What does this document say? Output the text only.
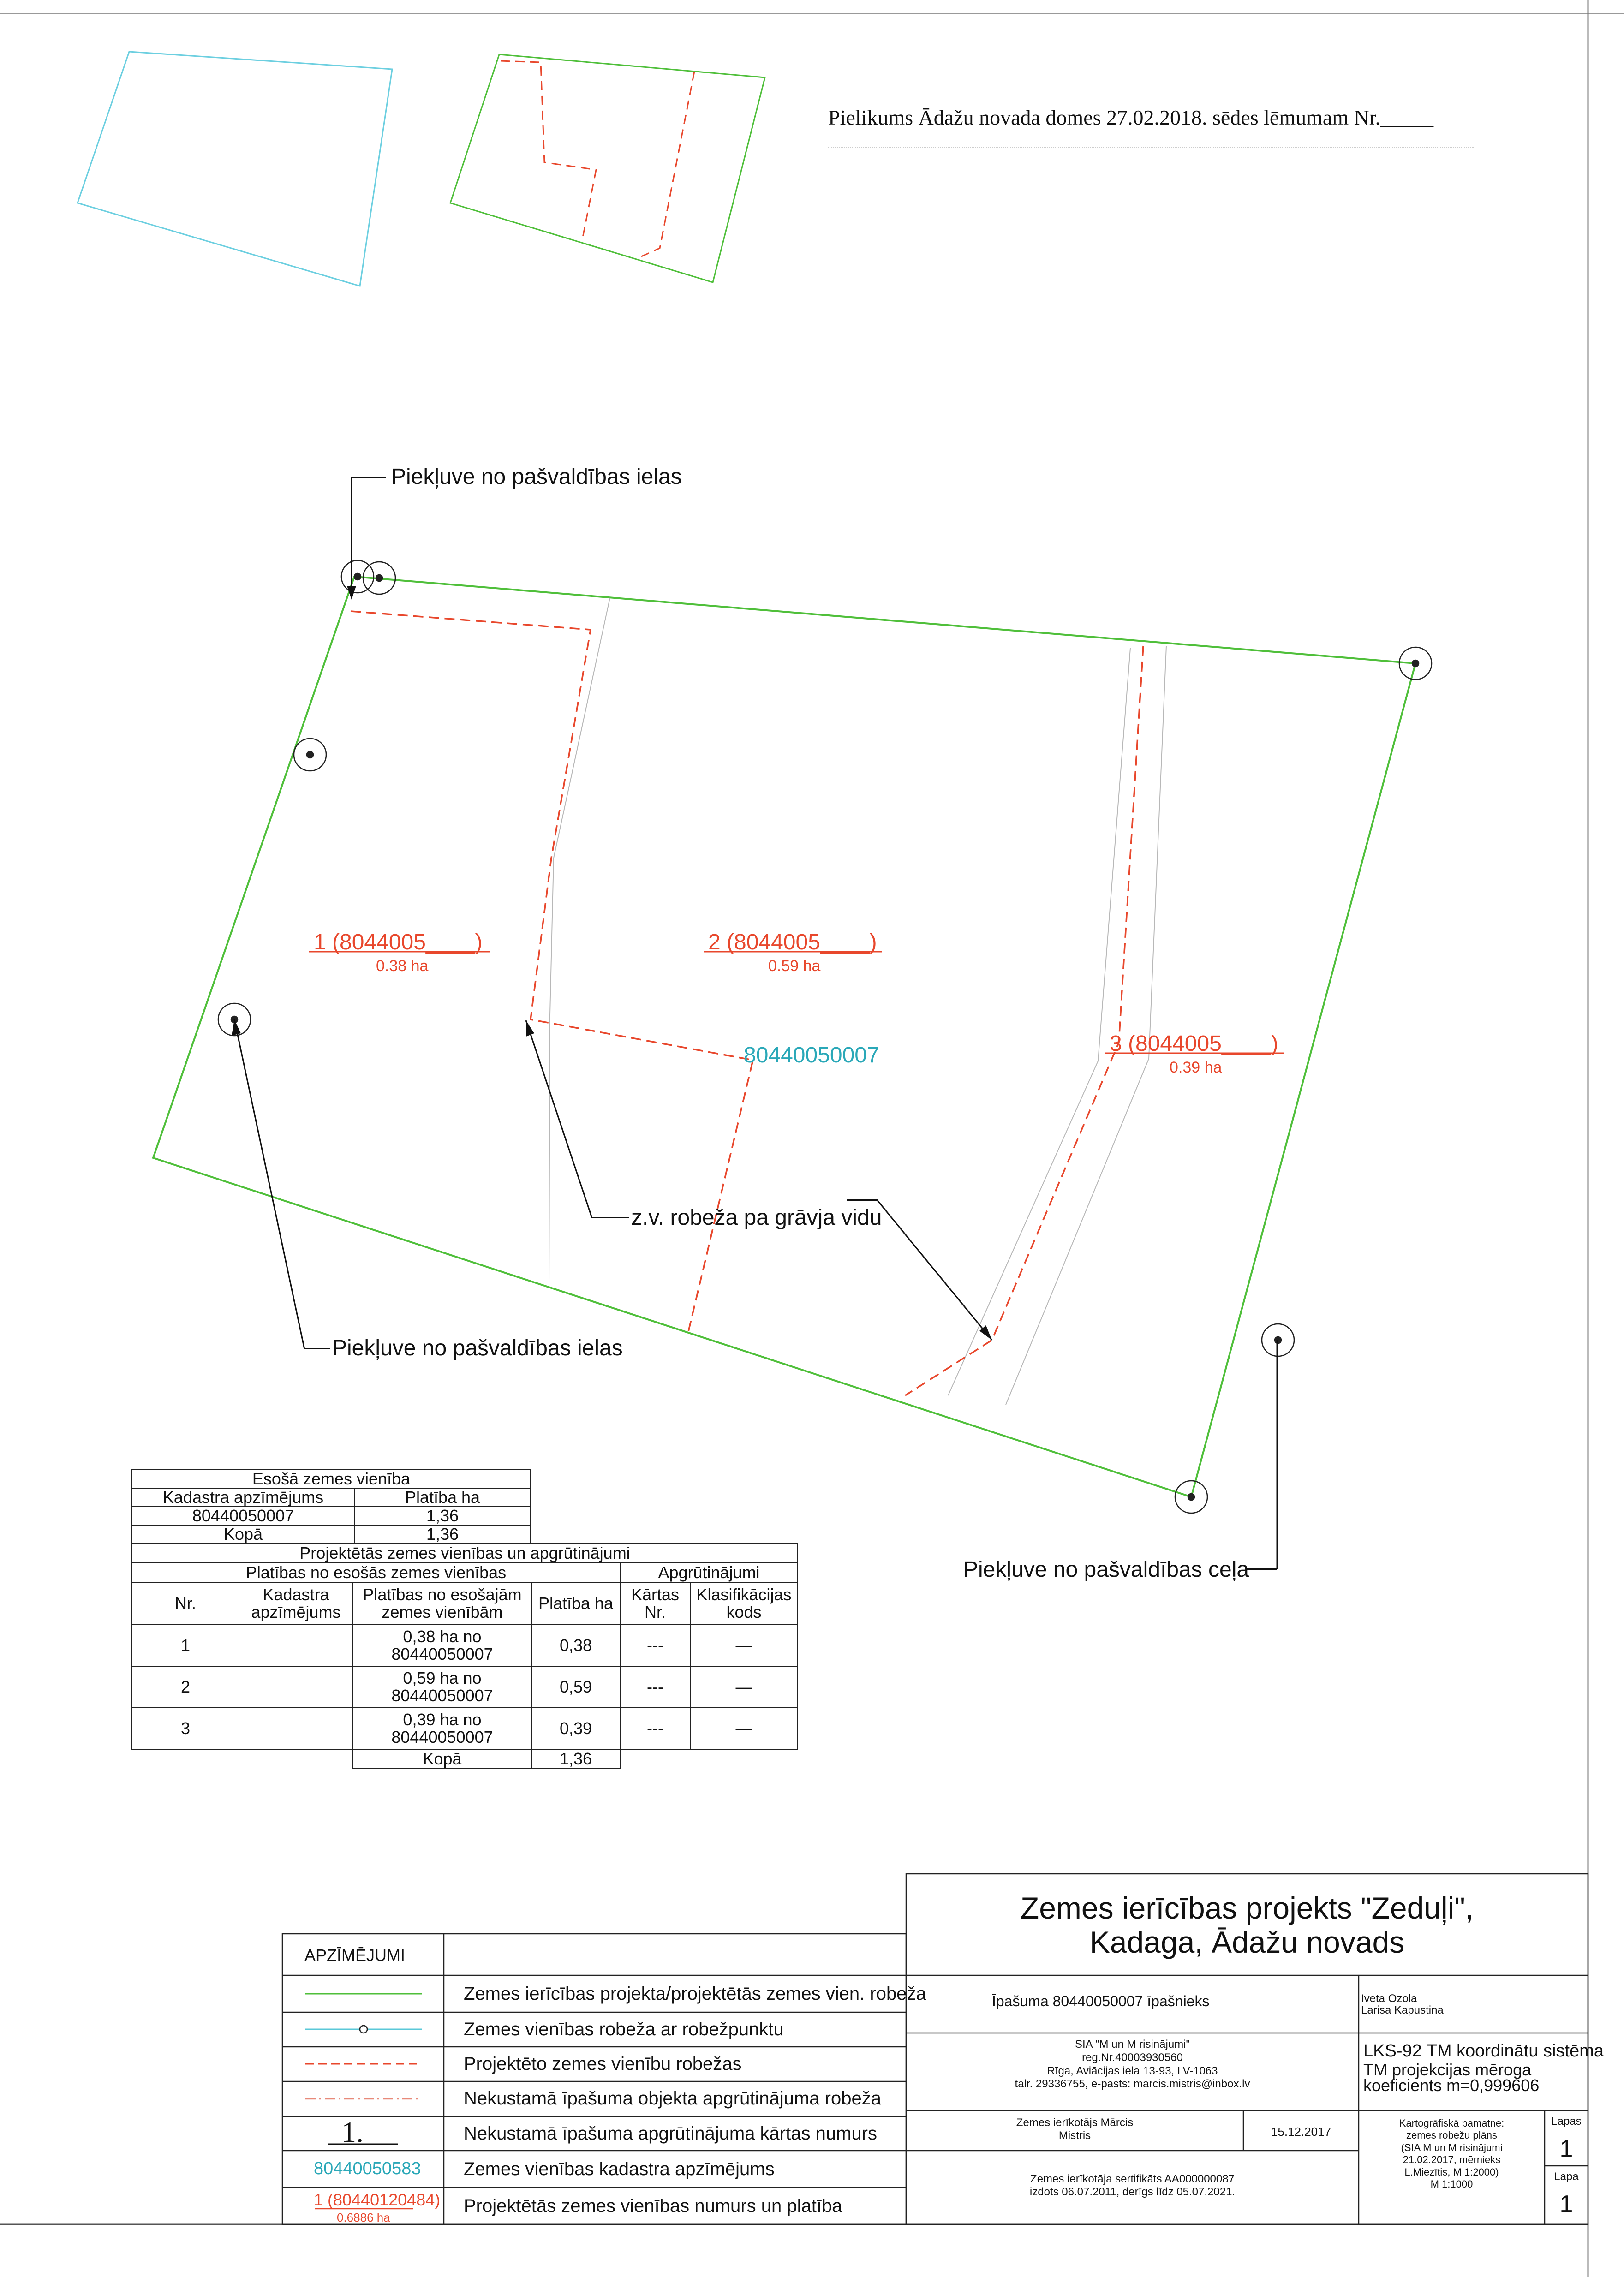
Pielikums Ādažu novada domes 27.02.2018. sēdes lēmumam Nr._____
Piekļuve no pašvaldības ielas
Piekļuve no pašvaldības ielas
z.v. robeža pa grāvja vidu
Piekļuve no pašvaldības ceļa
1 (8044005____)
0.38 ha
2 (8044005____)
0.59 ha
3 (8044005____)
0.39 ha
80440050007
Esošā zemes vienība	
Kadastra apzīmējums	Platība ha
80440050007	1,36
Kopā	1,36
Projektētās zemes vienības un apgrūtinājumi					
Platības no esošās zemes vienības				Apgrūtinājumi	
Nr.	Kadastra apzīmējums	Platības no esošajām zemes vienībām	Platība ha	Kārtas Nr.	Klasifikācijas kods
1		0,38 ha no 80440050007	0,38	---	—
2		0,59 ha no 80440050007	0,59	---	—
3		0,39 ha no 80440050007	0,39	---	—
		Kopā	1,36		
APZĪMĒJUMI
Zemes ierīcības projekta/projektētās zemes vien. robeža
Zemes vienības robeža ar robežpunktu
Projektēto zemes vienību robežas
Nekustamā īpašuma objekta apgrūtinājuma robeža
1.	Nekustamā īpašuma apgrūtinājuma kārtas numurs
80440050583 Zemes vienības kadastra apzīmējums
1 (80440120484)
0.6886 ha
Projektētās zemes vienības numurs un platība
Zemes ierīcības projekts "Zeduļi",
Kadaga, Ādažu novads
Īpašuma 80440050007 īpašnieks	Iveta Ozola
Larisa Kapustina
SIA "M un M risinājumi"
reg.Nr.40003930560
Rīga, Aviācijas iela 13-93, LV-1063
tālr. 29336755, e-pasts: marcis.mistris@inbox.lv
LKS-92 TM koordinātu sistēma
TM projekcijas mēroga koeficients m=0,999606
Zemes ierīkotājs Mārcis
Mistris	15.12.2017
Zemes ierīkotāja sertifikāts AA000000087
izdots 06.07.2011, derīgs līdz 05.07.2021.
Kartogrāfiskā pamatne:
zemes robežu plāns
(SIA M un M risinājumi
21.02.2017, mērnieks
L.Miezītis, M 1:2000)
M 1:1000
Lapas
1
Lapa
1
